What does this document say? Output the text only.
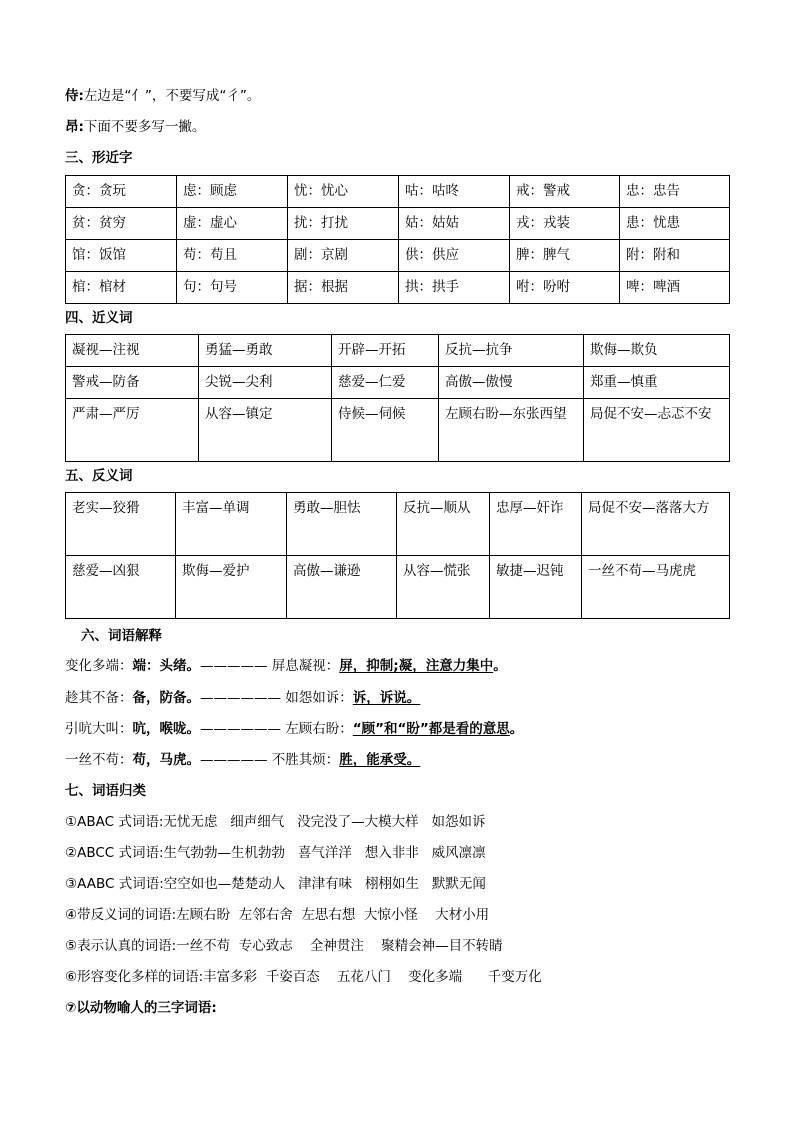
侍:左边是“亻”，不要写成“彳”。
昂:下面不要多写一撇。
三、形近字
贪：贪玩	虑：顾虑	忧：忧心	咕：咕咚	戒：警戒	忠：忠告
贫：贫穷	虚：虚心	扰：打扰	姑：姑姑	戎：戎装	患：忧患
馆：饭馆	苟：苟且	剧：京剧	供：供应	脾：脾气	附：附和
棺：棺材	句：句号	据：根据	拱：拱手	咐：吩咐	啤：啤酒
四、近义词
凝视—注视	勇猛—勇敢	开辟—开拓	反抗—抗争	欺侮—欺负
警戒—防备	尖锐—尖利	慈爱—仁爱	高傲—傲慢	郑重—慎重
严肃—严厉	从容—镇定	侍候—伺候	左顾右盼—东张西望	局促不安—忐忑不安
五、反义词
老实—狡猾	丰富—单调	勇敢—胆怯	反抗—顺从	忠厚—奸诈	局促不安—落落大方
慈爱—凶狠	欺侮—爱护	高傲—谦逊	从容—慌张	敏捷—迟钝	一丝不苟—马虎虎
六、词语解释
变化多端：端：头绪。————— 屏息凝视：屏，抑制;凝，注意力集中。
趁其不备：备，防备。—————— 如怨如诉：诉，诉说。
引吭大叫：吭，喉咙。—————— 左顾右盼：“顾”和“盼”都是看的意思。
一丝不苟：苟，马虎。————— 不胜其烦：胜，能承受。
七、词语归类
①ABAC 式词语:无忧无虑   细声细气   没完没了—大模大样   如怨如诉
②ABCC 式词语:生气勃勃—生机勃勃   喜气洋洋   想入非非   威风凛凛
③AABC 式词语:空空如也—楚楚动人   津津有味   栩栩如生   默默无闻
④带反义词的词语:左顾右盼  左邻右舍  左思右想  大惊小怪    大材小用
⑤表示认真的词语:一丝不苟  专心致志    全神贯注    聚精会神—目不转睛
⑥形容变化多样的词语:丰富多彩  千姿百态    五花八门    变化多端      千变万化
⑦以动物喻人的三字词语:
